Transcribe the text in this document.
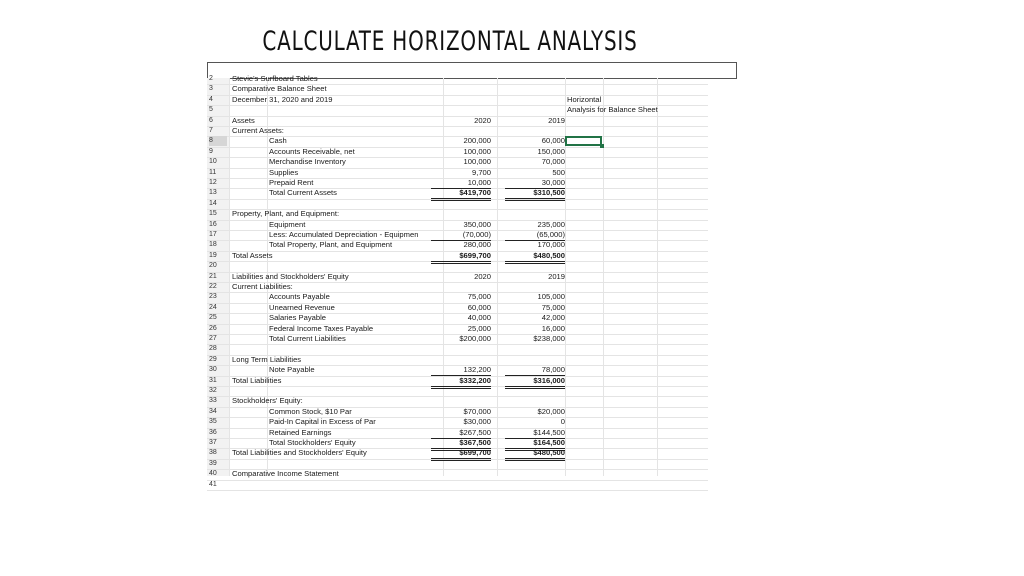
CALCULATE HORIZONTAL ANALYSIS
2	Stevie's Surfboard Tables
3	Comparative Balance Sheet
4	December 31, 2020 and 2019	Horizontal
5	Analysis for Balance Sheet
6	Assets	2020	2019
7	Current Assets:
8	Cash	200,000	60,000
9	Accounts Receivable, net	100,000	150,000
10	Merchandise Inventory	100,000	70,000
11	Supplies	9,700	500
12	Prepaid Rent	10,000	30,000
13	Total Current Assets	$419,700	$310,500
14
15	Property, Plant, and Equipment:
16	Equipment	350,000	235,000
17	Less: Accumulated Depreciation - Equipmen	(70,000)	(65,000)
18	Total Property, Plant, and Equipment	280,000	170,000
19	Total Assets	$699,700	$480,500
20
21	Liabilities and Stockholders' Equity	2020	2019
22	Current Liabilities:
23	Accounts Payable	75,000	105,000
24	Unearned Revenue	60,000	75,000
25	Salaries Payable	40,000	42,000
26	Federal Income Taxes Payable	25,000	16,000
27	Total Current Liabilities	$200,000	$238,000
28
29	Long Term Liabilities
30	Note Payable	132,200	78,000
31	Total Liabilities	$332,200	$316,000
32
33	Stockholders' Equity:
34	Common Stock, $10 Par	$70,000	$20,000
35	Paid-In Capital in Excess of Par	$30,000	0
36	Retained Earnings	$267,500	$144,500
37	Total Stockholders' Equity	$367,500	$164,500
38	Total Liabilities and Stockholders' Equity	$699,700	$480,500
39
40	Comparative Income Statement
41
